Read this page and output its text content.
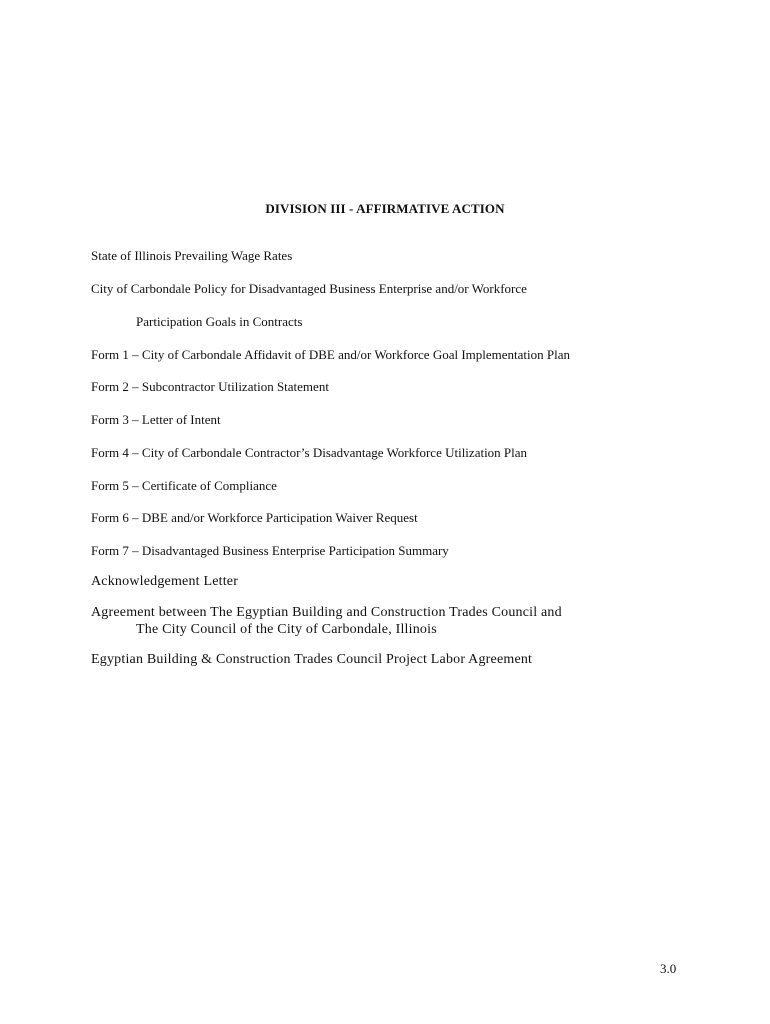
DIVISION III - AFFIRMATIVE ACTION
State of Illinois Prevailing Wage Rates
City of Carbondale Policy for Disadvantaged Business Enterprise and/or Workforce
Participation Goals in Contracts
Form 1 – City of Carbondale Affidavit of DBE and/or Workforce Goal Implementation Plan
Form 2 – Subcontractor Utilization Statement
Form 3 – Letter of Intent
Form 4 – City of Carbondale Contractor’s Disadvantage Workforce Utilization Plan
Form 5 – Certificate of Compliance
Form 6 – DBE and/or Workforce Participation Waiver Request
Form 7 – Disadvantaged Business Enterprise Participation Summary
Acknowledgement Letter
Agreement between The Egyptian Building and Construction Trades Council and
The City Council of the City of Carbondale, Illinois
Egyptian Building & Construction Trades Council Project Labor Agreement
3.0
